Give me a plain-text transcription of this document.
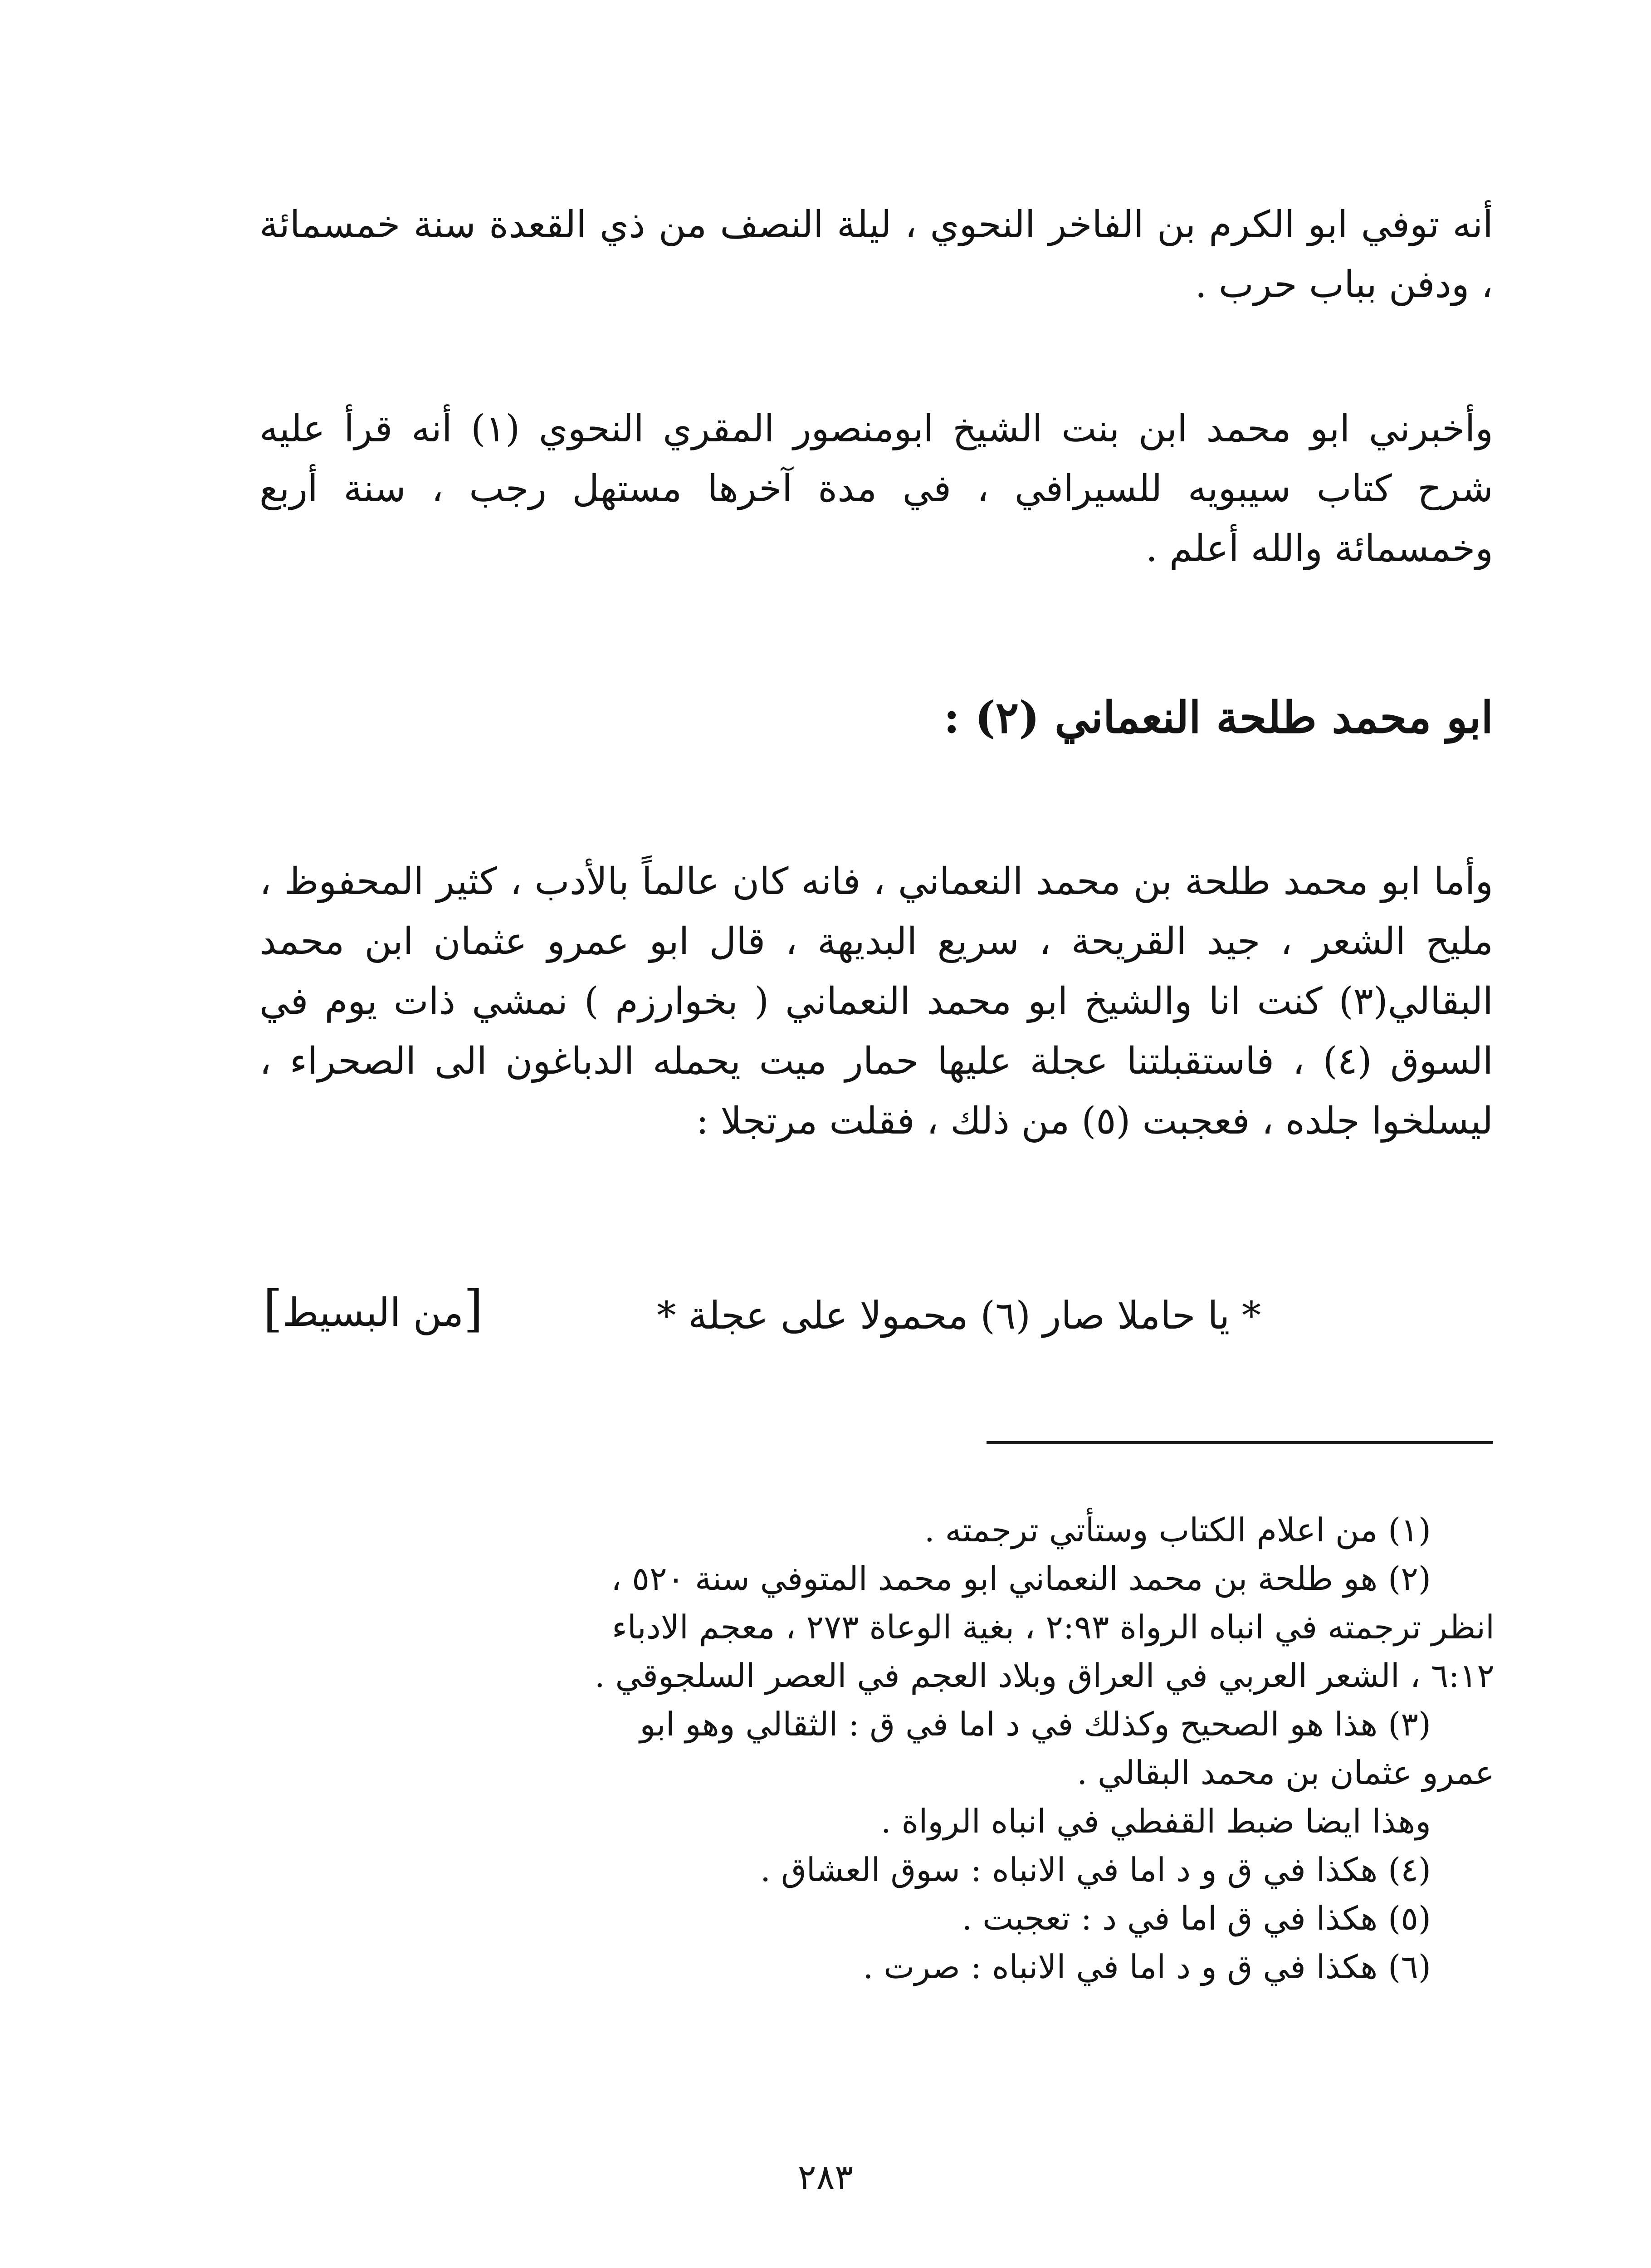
أنه توفي ابو الكرم بن الفاخر النحوي ، ليلة النصف من ذي القعدة سنة خمسمائة ، ودفن بباب حرب .

وأخبرني ابو محمد ابن بنت الشيخ ابومنصور المقري النحوي (١) أنه قرأ عليه شرح كتاب سيبويه للسيرافي ، في مدة آخرها مستهل رجب ، سنة أربع وخمسمائة والله أعلم .

ابو محمد طلحة النعماني (٢) :

وأما ابو محمد طلحة بن محمد النعماني ، فانه كان عالماً بالأدب ، كثير المحفوظ ، مليح الشعر ، جيد القريحة ، سريع البديهة ، قال ابو عمرو عثمان ابن محمد البقالي(٣) كنت انا والشيخ ابو محمد النعماني ( بخوارزم ) نمشي ذات يوم في السوق (٤) ، فاستقبلتنا عجلة عليها حمار ميت يحمله الدباغون الى الصحراء ، ليسلخوا جلده ، فعجبت (٥) من ذلك ، فقلت مرتجلا :

* يا حاملا صار (٦) محمولا على عجلة *
[من البسيط]
(١) من اعلام الكتاب وستأتي ترجمته .
(٢) هو طلحة بن محمد النعماني ابو محمد المتوفي سنة ٥٢٠ ،
انظر ترجمته في انباه الرواة ٢:٩٣ ، بغية الوعاة ٢٧٣ ، معجم الادباء
٦:١٢ ، الشعر العربي في العراق وبلاد العجم في العصر السلجوقي .
(٣) هذا هو الصحيح وكذلك في د اما في ق : الثقالي وهو ابو
عمرو عثمان بن محمد البقالي .
وهذا ايضا ضبط القفطي في انباه الرواة .
(٤) هكذا في ق و د اما في الانباه : سوق العشاق .
(٥) هكذا في ق اما في د : تعجبت .
(٦) هكذا في ق و د اما في الانباه : صرت .
٢٨٣
